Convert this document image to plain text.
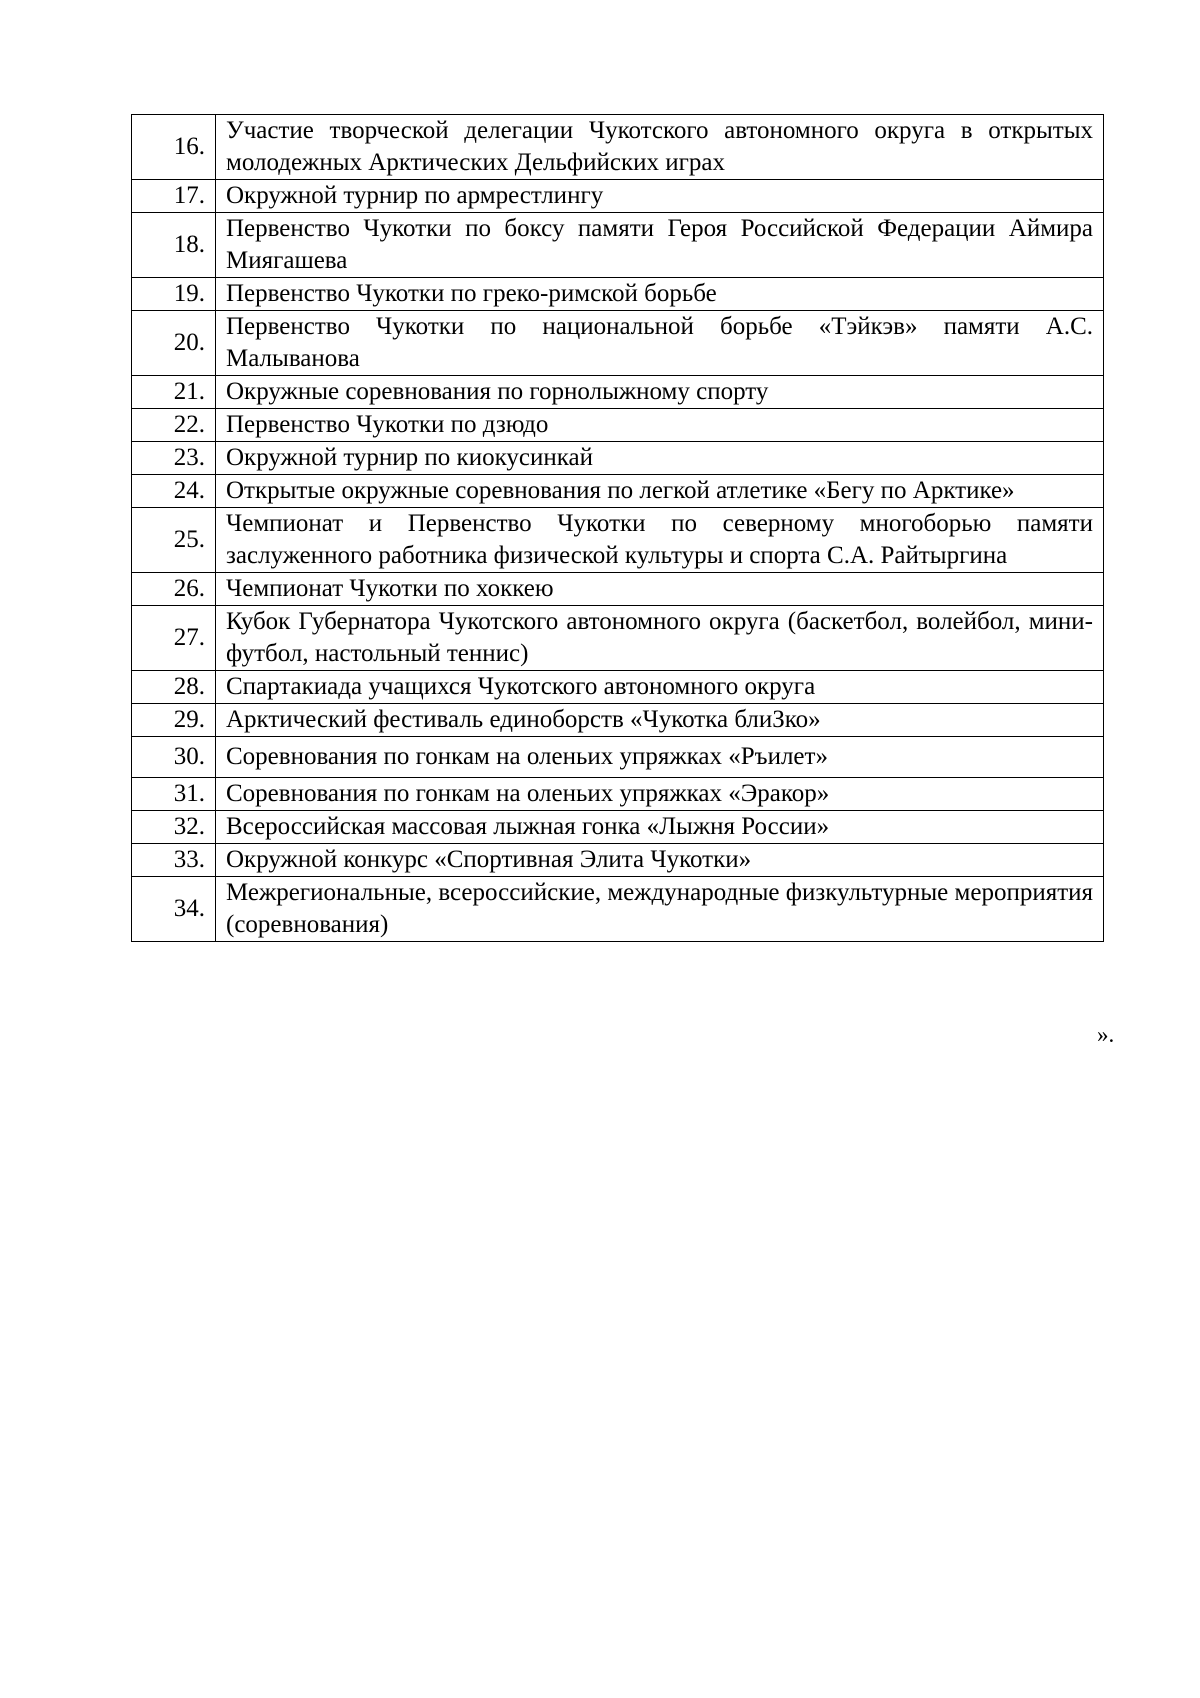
16.	Участие творческой делегации Чукотского автономного округа в открытых молодежных Арктических Дельфийских играх
17.	Окружной турнир по армрестлингу
18.	Первенство Чукотки по боксу памяти Героя Российской Федерации Аймира Миягашева
19.	Первенство Чукотки по греко-римской борьбе
20.	Первенство Чукотки по национальной борьбе «Тэйкэв» памяти А.С. Малыванова
21.	Окружные соревнования по горнолыжному спорту
22.	Первенство Чукотки по дзюдо
23.	Окружной турнир по киокусинкай
24.	Открытые окружные соревнования по легкой атлетике «Бегу по Арктике»
25.	Чемпионат и Первенство Чукотки по северному многоборью памяти заслуженного работника физической культуры и спорта С.А. Райтыргина
26.	Чемпионат Чукотки по хоккею
27.	Кубок Губернатора Чукотского автономного округа (баскетбол, волейбол, мини-футбол, настольный теннис)
28.	Спартакиада учащихся Чукотского автономного округа
29.	Арктический фестиваль единоборств «Чукотка блиЗко»
30.	Соревнования по гонкам на оленьих упряжках «Ръилет»
31.	Соревнования по гонкам на оленьих упряжках «Эракор»
32.	Всероссийская массовая лыжная гонка «Лыжня России»
33.	Окружной конкурс «Спортивная Элита Чукотки»
34.	Межрегиональные, всероссийские, международные физкультурные мероприятия (соревнования)
».
